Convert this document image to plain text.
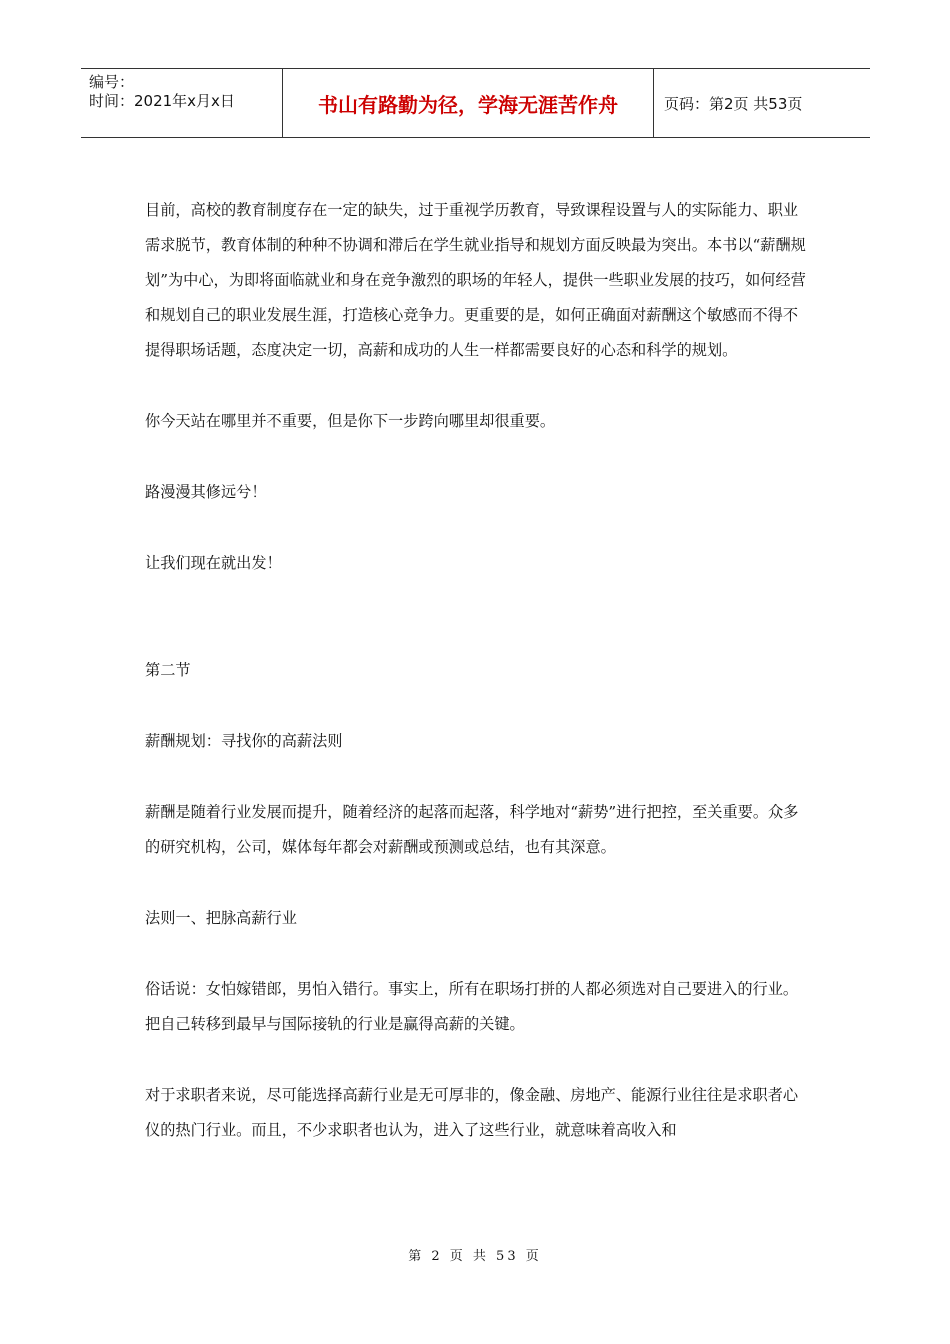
编号：
时间：2021年x月x日	书山有路勤为径，学海无涯苦作舟	页码：第2页 共53页

目前，高校的教育制度存在一定的缺失，过于重视学历教育，导致课程设置与人的实际能力、职业需求脱节，教育体制的种种不协调和滞后在学生就业指导和规划方面反映最为突出。本书以“薪酬规划”为中心，为即将面临就业和身在竞争激烈的职场的年轻人，提供一些职业发展的技巧，如何经营和规划自己的职业发展生涯，打造核心竞争力。更重要的是，如何正确面对薪酬这个敏感而不得不提得职场话题，态度决定一切，高薪和成功的人生一样都需要良好的心态和科学的规划。

你今天站在哪里并不重要，但是你下一步跨向哪里却很重要。

路漫漫其修远兮！

让我们现在就出发！

第二节

薪酬规划：寻找你的高薪法则

薪酬是随着行业发展而提升，随着经济的起落而起落，科学地对“薪势”进行把控，至关重要。众多的研究机构，公司，媒体每年都会对薪酬或预测或总结，也有其深意。

法则一、把脉高薪行业

俗话说：女怕嫁错郎，男怕入错行。事实上，所有在职场打拼的人都必须选对自己要进入的行业。把自己转移到最早与国际接轨的行业是赢得高薪的关键。

对于求职者来说，尽可能选择高薪行业是无可厚非的，像金融、房地产、能源行业往往是求职者心仪的热门行业。而且，不少求职者也认为，进入了这些行业，就意味着高收入和

第 2 页 共 53 页
